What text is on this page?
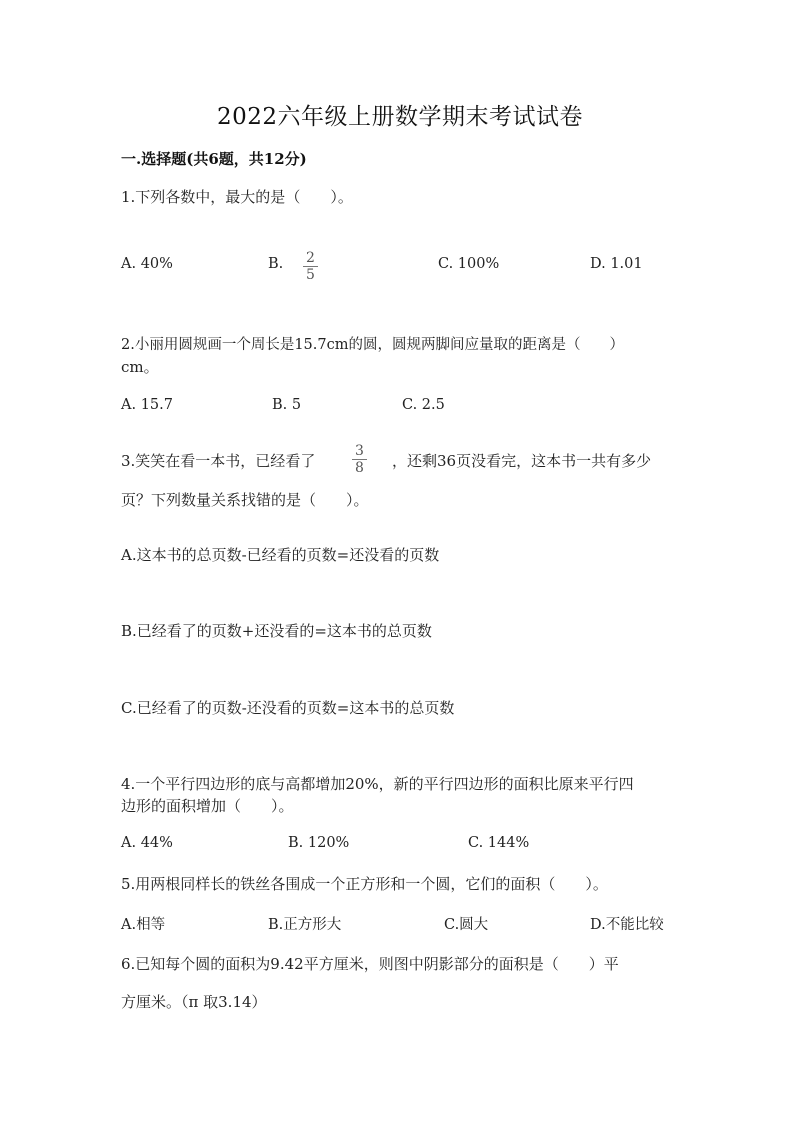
2022六年级上册数学期末考试试卷
一.选择题(共6题，共12分)
1.下列各数中，最大的是（　　）。
A. 40%	B. $\frac{2}{5}$	C. 100%	D. 1.01
2.小丽用圆规画一个周长是15.7cm的圆，圆规两脚间应量取的距离是（　　）
cm。
A. 15.7	B. 5	C. 2.5
3.笑笑在看一本书，已经看了	$\frac{3}{8}$ ，还剩36页没看完，这本书一共有多少
页？下列数量关系找错的是（　　）。
A.这本书的总页数-已经看的页数=还没看的页数
B.已经看了的页数+还没看的=这本书的总页数
C.已经看了的页数-还没看的页数=这本书的总页数
4.一个平行四边形的底与高都增加20%，新的平行四边形的面积比原来平行四
边形的面积增加（　　）。
A. 44%	B. 120%	C. 144%
5.用两根同样长的铁丝各围成一个正方形和一个圆，它们的面积（　　）。
A.相等	B.正方形大	C.圆大	D.不能比较
6.已知每个圆的面积为9.42平方厘米，则图中阴影部分的面积是（　　）平
方厘米。（π 取3.14）
